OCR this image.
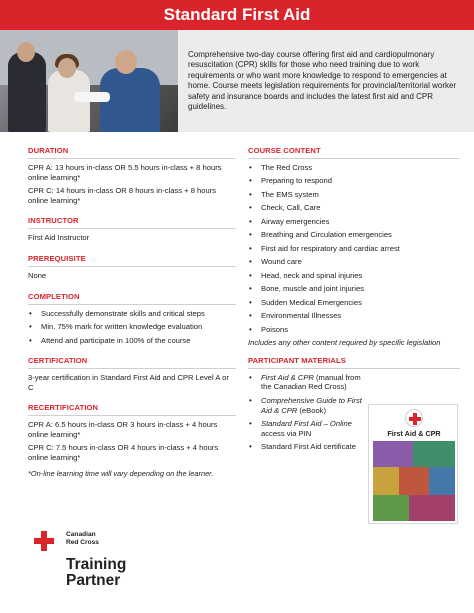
Standard First Aid
Comprehensive two-day course offering first aid and cardiopulmonary resuscitation (CPR) skills for those who need training due to work requirements or who want more knowledge to respond to emergencies at home. Course meets legislation requirements for provincial/territorial worker safety and insurance boards and includes the latest first aid and CPR guidelines.
DURATION
CPR A: 13 hours in-class OR 5.5 hours in-class + 8 hours online learning*
CPR C: 14 hours in-class OR 8 hours in-class + 8 hours online learning*
INSTRUCTOR
First Aid Instructor
PREREQUISITE
None
COMPLETION
• Successfully demonstrate skills and critical steps
• Min. 75% mark for written knowledge evaluation
• Attend and participate in 100% of the course
CERTIFICATION
3-year certification in Standard First Aid and CPR Level A or C
RECERTIFICATION
CPR A: 6.5 hours in-class OR 3 hours in-class + 4 hours online learning*
CPR C: 7.5 hours in-class OR 4 hours in-class + 4 hours online learning*
*On-line learning time will vary depending on the learner.
COURSE CONTENT
• The Red Cross
• Preparing to respond
• The EMS system
• Check, Call, Care
• Airway emergencies
• Breathing and Circulation emergencies
• First aid for respiratory and cardiac arrest
• Wound care
• Head, neck and spinal injuries
• Bone, muscle and joint injuries
• Sudden Medical Emergencies
• Environmental Illnesses
• Poisons
Includes any other content required by specific legislation
PARTICIPANT MATERIALS
• First Aid & CPR (manual from the Canadian Red Cross)
• Comprehensive Guide to First Aid & CPR (eBook)
• Standard First Aid – Online access via PIN
• Standard First Aid certificate
First Aid & CPR
Canadian
Red Cross
Training
Partner
